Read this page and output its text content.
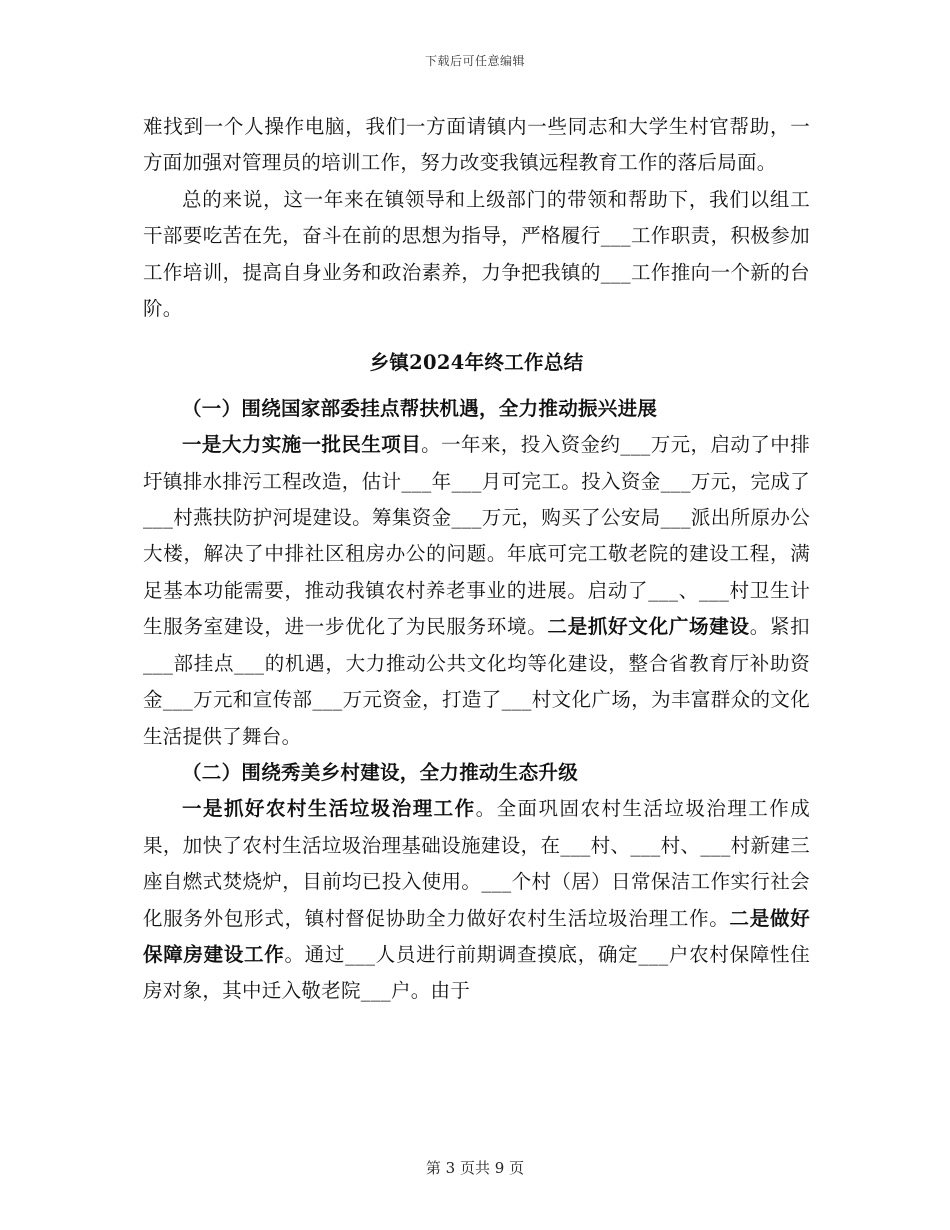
下载后可任意编辑

难找到一个人操作电脑，我们一方面请镇内一些同志和大学生村官帮助，一方面加强对管理员的培训工作，努力改变我镇远程教育工作的落后局面。

总的来说，这一年来在镇领导和上级部门的带领和帮助下，我们以组工干部要吃苦在先，奋斗在前的思想为指导，严格履行___工作职责，积极参加工作培训，提高自身业务和政治素养，力争把我镇的___工作推向一个新的台阶。

乡镇2024年终工作总结

（一）围绕国家部委挂点帮扶机遇，全力推动振兴进展

一是大力实施一批民生项目。一年来，投入资金约___万元，启动了中排圩镇排水排污工程改造，估计___年___月可完工。投入资金___万元，完成了___村燕扶防护河堤建设。筹集资金___万元，购买了公安局___派出所原办公大楼，解决了中排社区租房办公的问题。年底可完工敬老院的建设工程，满足基本功能需要，推动我镇农村养老事业的进展。启动了___、___村卫生计生服务室建设，进一步优化了为民服务环境。二是抓好文化广场建设。紧扣___部挂点___的机遇，大力推动公共文化均等化建设，整合省教育厅补助资金___万元和宣传部___万元资金，打造了___村文化广场，为丰富群众的文化生活提供了舞台。

（二）围绕秀美乡村建设，全力推动生态升级

一是抓好农村生活垃圾治理工作。全面巩固农村生活垃圾治理工作成果，加快了农村生活垃圾治理基础设施建设，在___村、___村、___村新建三座自燃式焚烧炉，目前均已投入使用。___个村（居）日常保洁工作实行社会化服务外包形式，镇村督促协助全力做好农村生活垃圾治理工作。二是做好保障房建设工作。通过___人员进行前期调查摸底，确定___户农村保障性住房对象，其中迁入敬老院___户。由于

第 3 页共 9 页
